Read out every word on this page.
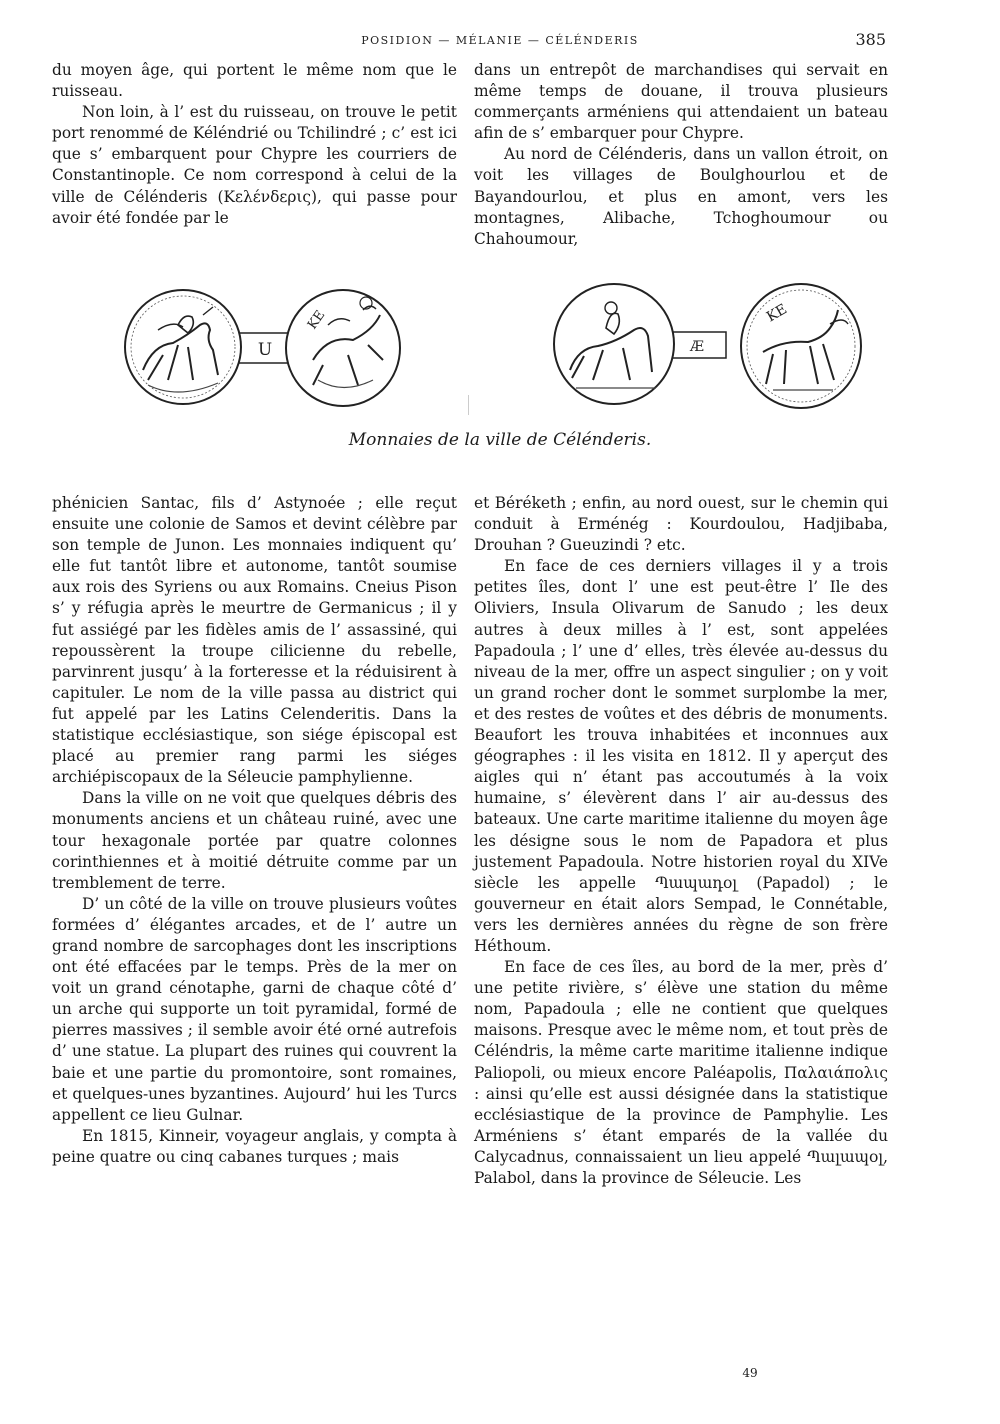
POSIDION — MÉLANIE — CÉLÉNDERIS	385

du moyen âge, qui portent le même nom que le ruisseau.

Non loin, à l’ est du ruisseau, on trouve le petit port renommé de Kéléndrié ou Tchilindré ; c’ est ici que s’ embarquent pour Chypre les courriers de Constantinople. Ce nom correspond à celui de la ville de Célénderis (Κελένδερις), qui passe pour avoir été fondée par le

dans un entrepôt de marchandises qui servait en même temps de douane, il trouva plusieurs commerçants arméniens qui attendaient un bateau afin de s’ embarquer pour Chypre.

Au nord de Célénderis, dans un vallon étroit, on voit les villages de Boulghourlou et de Bayandourlou, et plus en amont, vers les montagnes, Alibache, Tchoghoumour ou Chahoumour,

U
KE
Æ
KE
Monnaies de la ville de Célénderis.

phénicien Santac, fils d’ Astynoée ; elle reçut ensuite une colonie de Samos et devint célèbre par son temple de Junon. Les monnaies indiquent qu’ elle fut tantôt libre et autonome, tantôt soumise aux rois des Syriens ou aux Romains. Cneius Pison s’ y réfugia après le meurtre de Germanicus ; il y fut assiégé par les fidèles amis de l’ assassiné, qui repoussèrent la troupe cilicienne du rebelle, parvinrent jusqu’ à la forteresse et la réduisirent à capituler. Le nom de la ville passa au district qui fut appelé par les Latins Celenderitis. Dans la statistique ecclésiastique, son siége épiscopal est placé au premier rang parmi les siéges archiépiscopaux de la Séleucie pamphylienne.

Dans la ville on ne voit que quelques débris des monuments anciens et un château ruiné, avec une tour hexagonale portée par quatre colonnes corinthiennes et à moitié détruite comme par un tremblement de terre.

D’ un côté de la ville on trouve plusieurs voûtes formées d’ élégantes arcades, et de l’ autre un grand nombre de sarcophages dont les inscriptions ont été effacées par le temps. Près de la mer on voit un grand cénotaphe, garni de chaque côté d’ un arche qui supporte un toit pyramidal, formé de pierres massives ; il semble avoir été orné autrefois d’ une statue. La plupart des ruines qui couvrent la baie et une partie du promontoire, sont romaines, et quelques-unes byzantines. Aujourd’ hui les Turcs appellent ce lieu Gulnar.

En 1815, Kinneir, voyageur anglais, y compta à peine quatre ou cinq cabanes turques ; mais

et Béréketh ; enfin, au nord ouest, sur le chemin qui conduit à Erménég : Kourdoulou, Hadjibaba, Drouhan ? Gueuzindi ? etc.

En face de ces derniers villages il y a trois petites îles, dont l’ une est peut-être l’ Ile des Oliviers, Insula Olivarum de Sanudo ; les deux autres à deux milles à l’ est, sont appelées Papadoula ; l’ une d’ elles, très élevée au-dessus du niveau de la mer, offre un aspect singulier ; on y voit un grand rocher dont le sommet surplombe la mer, et des restes de voûtes et des débris de monuments. Beaufort les trouva inhabitées et inconnues aux géographes : il les visita en 1812. Il y aperçut des aigles qui n’ étant pas accoutumés à la voix humaine, s’ élevèrent dans l’ air au-dessus des bateaux. Une carte maritime italienne du moyen âge les désigne sous le nom de Papadora et plus justement Papadoula. Notre historien royal du XIVe siècle les appelle Պապադօլ (Papadol) ; le gouverneur en était alors Sempad, le Connétable, vers les dernières années du règne de son frère Héthoum.

En face de ces îles, au bord de la mer, près d’ une petite rivière, s’ élève une station du même nom, Papadoula ; elle ne contient que quelques maisons. Presque avec le même nom, et tout près de Céléndris, la même carte maritime italienne indique Paliopoli, ou mieux encore Paléapolis, Παλαιάπολις : ainsi qu’elle est aussi désignée dans la statistique ecclésiastique de la province de Pamphylie. Les Arméniens s’ étant emparés de la vallée du Calycadnus, connaissaient un lieu appelé Պալապօլ, Palabol, dans la province de Séleucie. Les

49
